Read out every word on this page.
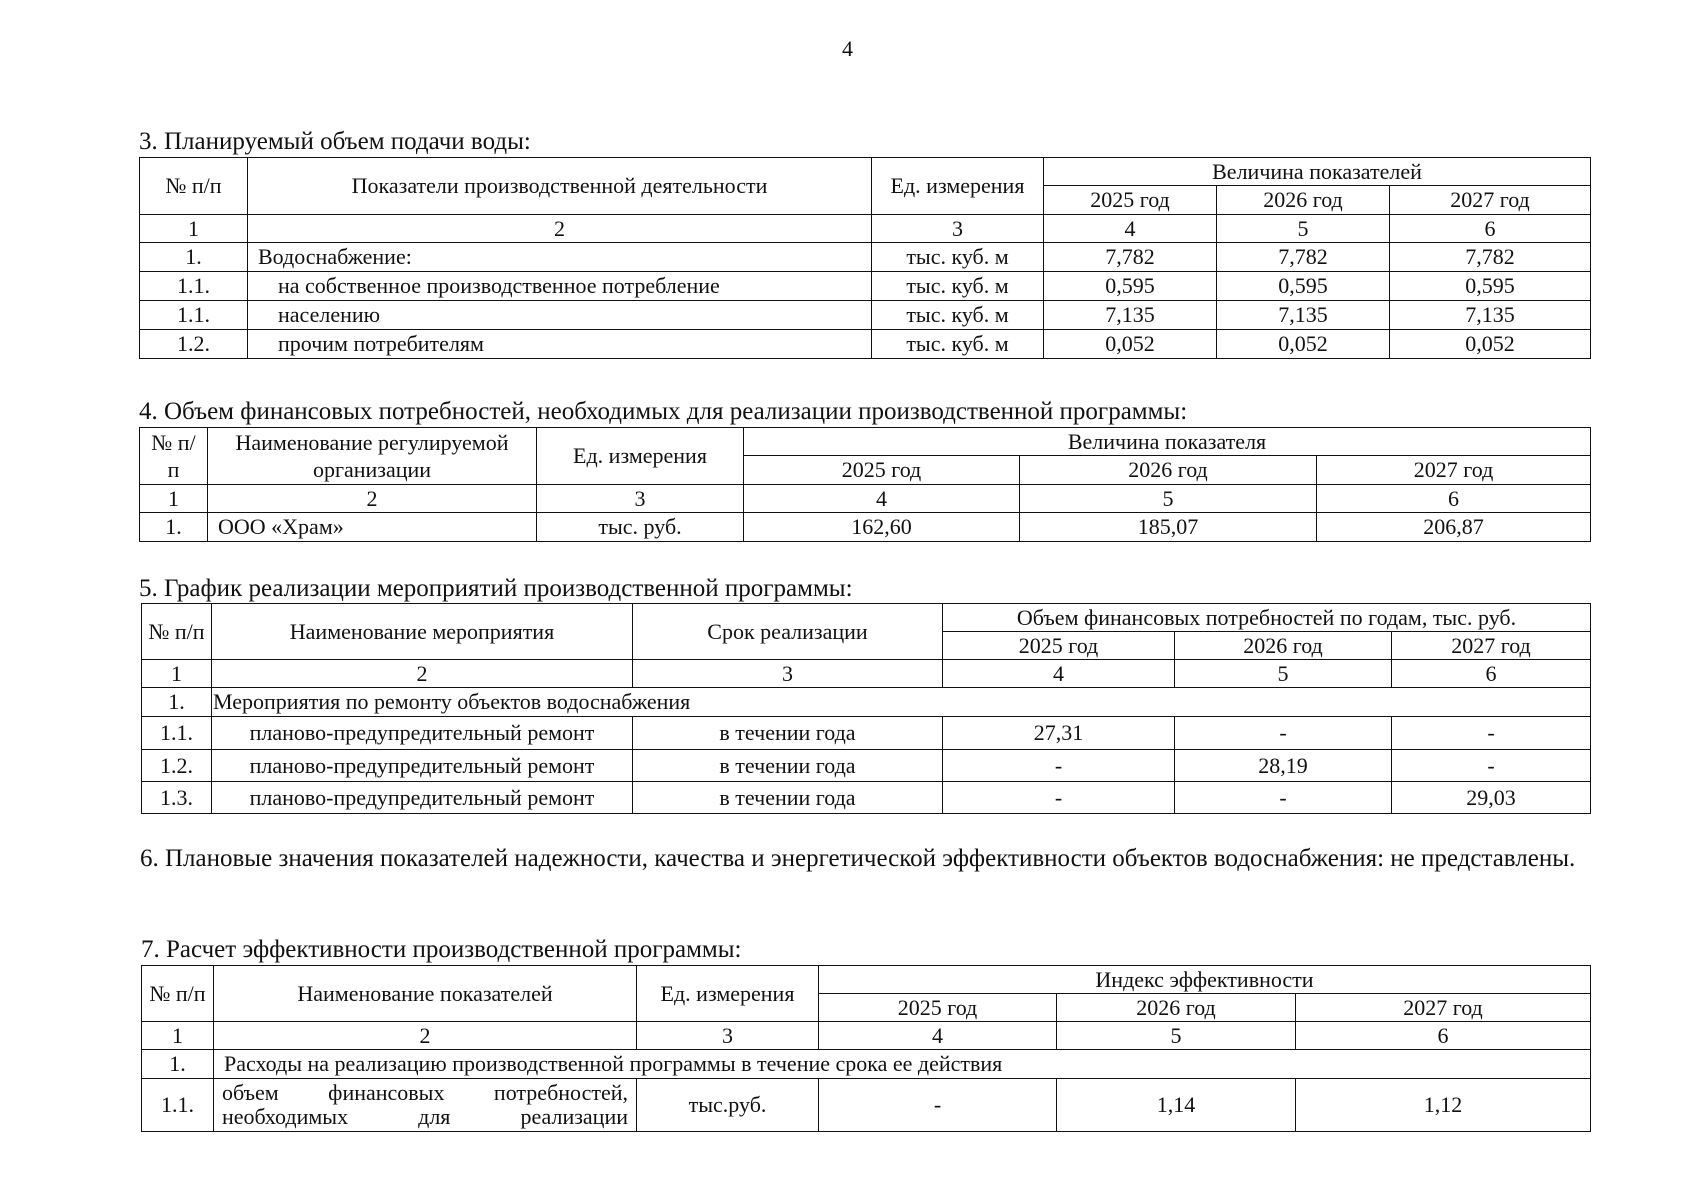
4
3. Планируемый объем подачи воды:
№ п/п	Показатели производственной деятельности	Ед. измерения	Величина показателей		
			2025 год	2026 год	2027 год
1	2	3	4	5	6
1.	Водоснабжение:	тыс. куб. м	7,782	7,782	7,782
1.1.	на собственное производственное потребление	тыс. куб. м	0,595	0,595	0,595
1.1.	населению	тыс. куб. м	7,135	7,135	7,135
1.2.	прочим потребителям	тыс. куб. м	0,052	0,052	0,052
4. Объем финансовых потребностей, необходимых для реализации производственной программы:
№ п/п	Наименование регулируемой организации	Ед. измерения	Величина показателя		
			2025 год	2026 год	2027 год
1	2	3	4	5	6
1.	ООО «Храм»	тыс. руб.	162,60	185,07	206,87
5. График реализации мероприятий производственной программы:
№ п/п	Наименование мероприятия	Срок реализации	Объем финансовых потребностей по годам, тыс. руб.		
			2025 год	2026 год	2027 год
1	2	3	4	5	6
1.	Мероприятия по ремонту объектов водоснабжения				
1.1.	планово-предупредительный ремонт	в течении года	27,31	-	-
1.2.	планово-предупредительный ремонт	в течении года	-	28,19	-
1.3.	планово-предупредительный ремонт	в течении года	-	-	29,03
6. Плановые значения показателей надежности, качества и энергетической эффективности объектов водоснабжения: не представлены.
7. Расчет эффективности производственной программы:
№ п/п	Наименование показателей	Ед. измерения	Индекс эффективности		
			2025 год	2026 год	2027 год
1	2	3	4	5	6
1.	Расходы на реализацию производственной программы в течение срока ее действия				
1.1.	объем финансовых потребностей, необходимых для реализации	тыс.руб.	-	1,14	1,12
